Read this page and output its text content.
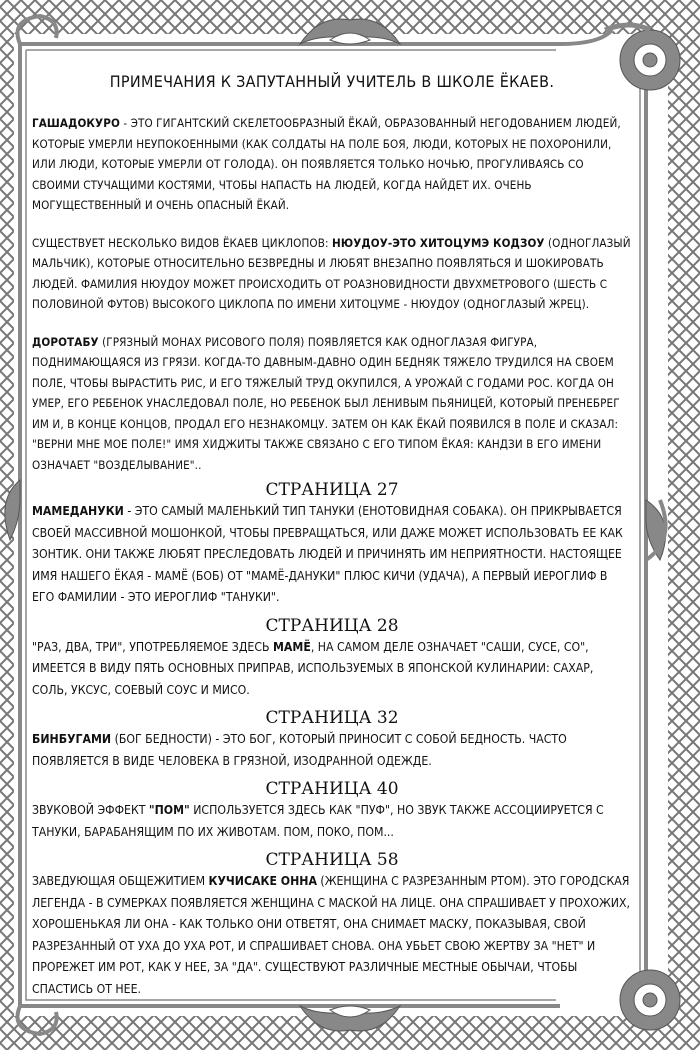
ПРИМЕЧАНИЯ К ЗАПУТАННЫЙ УЧИТЕЛЬ В ШКОЛЕ ЁКАЕВ.

ГАШАДОКУРО - ЭТО ГИГАНТСКИЙ СКЕЛЕТООБРАЗНЫЙ ЁКАЙ, ОБРАЗОВАННЫЙ НЕГОДОВАНИЕМ ЛЮДЕЙ, КОТОРЫЕ УМЕРЛИ НЕУПОКОЕННЫМИ (КАК СОЛДАТЫ НА ПОЛЕ БОЯ, ЛЮДИ, КОТОРЫХ НЕ ПОХОРОНИЛИ, ИЛИ ЛЮДИ, КОТОРЫЕ УМЕРЛИ ОТ ГОЛОДА). ОН ПОЯВЛЯЕТСЯ ТОЛЬКО НОЧЬЮ, ПРОГУЛИВАЯСЬ СО СВОИМИ СТУЧАЩИМИ КОСТЯМИ, ЧТОБЫ НАПАСТЬ НА ЛЮДЕЙ, КОГДА НАЙДЕТ ИХ. ОЧЕНЬ МОГУЩЕСТВЕННЫЙ И ОЧЕНЬ ОПАСНЫЙ ЁКАЙ.

СУЩЕСТВУЕТ НЕСКОЛЬКО ВИДОВ ЁКАЕВ ЦИКЛОПОВ: НЮУДОУ-ЭТО ХИТОЦУМЭ КОДЗОУ (ОДНОГЛАЗЫЙ МАЛЬЧИК), КОТОРЫЕ ОТНОСИТЕЛЬНО БЕЗВРЕДНЫ И ЛЮБЯТ ВНЕЗАПНО ПОЯВЛЯТЬСЯ И ШОКИРОВАТЬ ЛЮДЕЙ. ФАМИЛИЯ НЮУДОУ МОЖЕТ ПРОИСХОДИТЬ ОТ РОАЗНОВИДНОСТИ ДВУХМЕТРОВОГО (ШЕСТЬ С ПОЛОВИНОЙ ФУТОВ) ВЫСОКОГО ЦИКЛОПА ПО ИМЕНИ ХИТОЦУМЕ - НЮУДОУ (ОДНОГЛАЗЫЙ ЖРЕЦ).

ДОРОТАБУ (ГРЯЗНЫЙ МОНАХ РИСОВОГО ПОЛЯ) ПОЯВЛЯЕТСЯ КАК ОДНОГЛАЗАЯ ФИГУРА, ПОДНИМАЮЩАЯСЯ ИЗ ГРЯЗИ. КОГДА-ТО ДАВНЫМ-ДАВНО ОДИН БЕДНЯК ТЯЖЕЛО ТРУДИЛСЯ НА СВОЕМ ПОЛЕ, ЧТОБЫ ВЫРАСТИТЬ РИС, И ЕГО ТЯЖЕЛЫЙ ТРУД ОКУПИЛСЯ, А УРОЖАЙ С ГОДАМИ РОС. КОГДА ОН УМЕР, ЕГО РЕБЕНОК УНАСЛЕДОВАЛ ПОЛЕ, НО РЕБЕНОК БЫЛ ЛЕНИВЫМ ПЬЯНИЦЕЙ, КОТОРЫЙ ПРЕНЕБРЕГ ИМ И, В КОНЦЕ КОНЦОВ, ПРОДАЛ ЕГО НЕЗНАКОМЦУ. ЗАТЕМ ОН КАК ЁКАЙ ПОЯВИЛСЯ В ПОЛЕ И СКАЗАЛ: "ВЕРНИ МНЕ МОЕ ПОЛЕ!" ИМЯ ХИДЖИТЫ ТАКЖЕ СВЯЗАНО С ЕГО ТИПОМ ЁКАЯ: КАНДЗИ В ЕГО ИМЕНИ ОЗНАЧАЕТ "ВОЗДЕЛЫВАНИЕ"..

СТРАНИЦА 27

МАМЕДАНУКИ - ЭТО САМЫЙ МАЛЕНЬКИЙ ТИП ТАНУКИ (ЕНОТОВИДНАЯ СОБАКА). ОН ПРИКРЫВАЕТСЯ СВОЕЙ МАССИВНОЙ МОШОНКОЙ, ЧТОБЫ ПРЕВРАЩАТЬСЯ, ИЛИ ДАЖЕ МОЖЕТ ИСПОЛЬЗОВАТЬ ЕЕ КАК ЗОНТИК. ОНИ ТАКЖЕ ЛЮБЯТ ПРЕСЛЕДОВАТЬ ЛЮДЕЙ И ПРИЧИНЯТЬ ИМ НЕПРИЯТНОСТИ. НАСТОЯЩЕЕ ИМЯ НАШЕГО ЁКАЯ - МАМЁ (БОБ) ОТ "МАМЁ-ДАНУКИ" ПЛЮС КИЧИ (УДАЧА), А ПЕРВЫЙ ИЕРОГЛИФ В ЕГО ФАМИЛИИ - ЭТО ИЕРОГЛИФ "ТАНУКИ".

СТРАНИЦА 28

"РАЗ, ДВА, ТРИ", УПОТРЕБЛЯЕМОЕ ЗДЕСЬ МАМЁ, НА САМОМ ДЕЛЕ ОЗНАЧАЕТ "САШИ, СУСЕ, СО", ИМЕЕТСЯ В ВИДУ ПЯТЬ ОСНОВНЫХ ПРИПРАВ, ИСПОЛЬЗУЕМЫХ В ЯПОНСКОЙ КУЛИНАРИИ: САХАР, СОЛЬ, УКСУС, СОЕВЫЙ СОУС И МИСО.

СТРАНИЦА 32

БИНБУГАМИ (БОГ БЕДНОСТИ) - ЭТО БОГ, КОТОРЫЙ ПРИНОСИТ С СОБОЙ БЕДНОСТЬ. ЧАСТО ПОЯВЛЯЕТСЯ В ВИДЕ ЧЕЛОВЕКА В ГРЯЗНОЙ, ИЗОДРАННОЙ ОДЕЖДЕ.

СТРАНИЦА 40

ЗВУКОВОЙ ЭФФЕКТ "ПОМ" ИСПОЛЬЗУЕТСЯ ЗДЕСЬ КАК "ПУФ", НО ЗВУК ТАКЖЕ АССОЦИИРУЕТСЯ С ТАНУКИ, БАРАБАНЯЩИМ ПО ИХ ЖИВОТАМ. ПОМ, ПОКО, ПОМ...

СТРАНИЦА 58

ЗАВЕДУЮЩАЯ ОБЩЕЖИТИЕМ КУЧИСАКЕ ОННА (ЖЕНЩИНА С РАЗРЕЗАННЫМ РТОМ). ЭТО ГОРОДСКАЯ ЛЕГЕНДА - В СУМЕРКАХ ПОЯВЛЯЕТСЯ ЖЕНЩИНА С МАСКОЙ НА ЛИЦЕ. ОНА СПРАШИВАЕТ У ПРОХОЖИХ, ХОРОШЕНЬКАЯ ЛИ ОНА - КАК ТОЛЬКО ОНИ ОТВЕТЯТ, ОНА СНИМАЕТ МАСКУ, ПОКАЗЫВАЯ, СВОЙ РАЗРЕЗАННЫЙ ОТ УХА ДО УХА РОТ, И СПРАШИВАЕТ СНОВА. ОНА УБЬЕТ СВОЮ ЖЕРТВУ ЗА "НЕТ" И ПРОРЕЖЕТ ИМ РОТ, КАК У НЕЕ, ЗА "ДА". СУЩЕСТВУЮТ РАЗЛИЧНЫЕ МЕСТНЫЕ ОБЫЧАИ, ЧТОБЫ СПАСТИСЬ ОТ НЕЕ.
